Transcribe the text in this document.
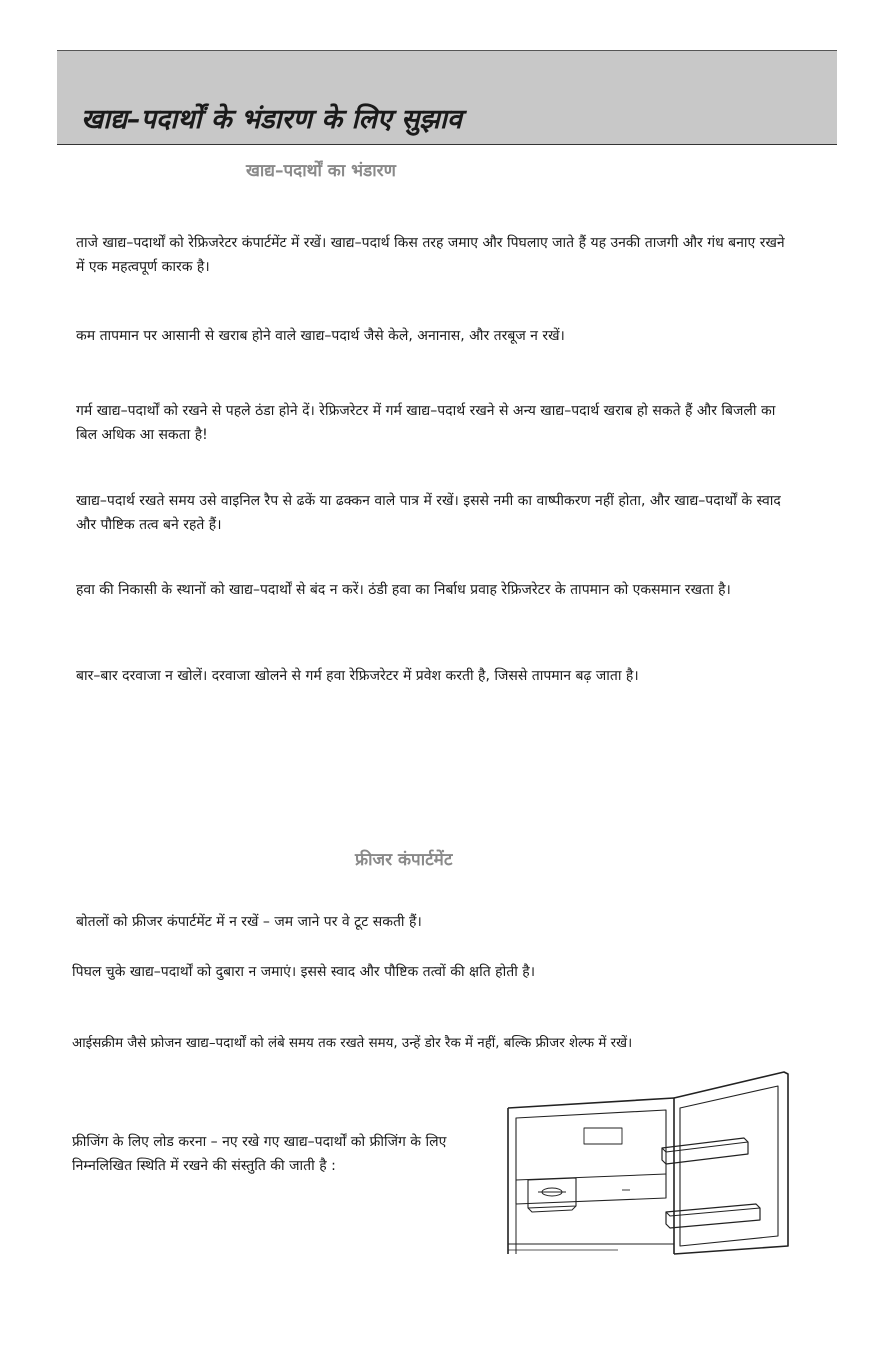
खाद्य–पदार्थों के भंडारण के लिए सुझाव
खाद्य–पदार्थों का भंडारण

ताजे खाद्य–पदार्थों को रेफ्रिजरेटर कंपार्टमेंट में रखें। खाद्य–पदार्थ किस तरह जमाए और पिघलाए जाते हैं यह उनकी ताजगी और गंध बनाए रखने में एक महत्वपूर्ण कारक है।

कम तापमान पर आसानी से खराब होने वाले खाद्य–पदार्थ जैसे केले, अनानास, और तरबूज न रखें।

गर्म खाद्य–पदार्थों को रखने से पहले ठंडा होने दें। रेफ्रिजरेटर में गर्म खाद्य–पदार्थ रखने से अन्य खाद्य–पदार्थ खराब हो सकते हैं और बिजली का बिल अधिक आ सकता है!

खाद्य–पदार्थ रखते समय उसे वाइनिल रैप से ढकें या ढक्कन वाले पात्र में रखें। इससे नमी का वाष्पीकरण नहीं होता, और खाद्य–पदार्थों के स्वाद और पौष्टिक तत्व बने रहते हैं।

हवा की निकासी के स्थानों को खाद्य–पदार्थों से बंद न करें। ठंडी हवा का निर्बाध प्रवाह रेफ्रिजरेटर के तापमान को एकसमान रखता है।

बार–बार दरवाजा न खोलें। दरवाजा खोलने से गर्म हवा रेफ्रिजरेटर में प्रवेश करती है, जिससे तापमान बढ़ जाता है।

फ्रीजर कंपार्टमेंट

बोतलों को फ्रीजर कंपार्टमेंट में न रखें – जम जाने पर वे टूट सकती हैं।

पिघल चुके खाद्य–पदार्थों को दुबारा न जमाएं। इससे स्वाद और पौष्टिक तत्वों की क्षति होती है।

आईसक्रीम जैसे फ्रोजन खाद्य–पदार्थों को लंबे समय तक रखते समय, उन्हें डोर रैक में नहीं, बल्कि फ्रीजर शेल्फ में रखें।

फ्रीजिंग के लिए लोड करना – नए रखे गए खाद्य–पदार्थों को फ्रीजिंग के लिए निम्नलिखित स्थिति में रखने की संस्तुति की जाती है :
